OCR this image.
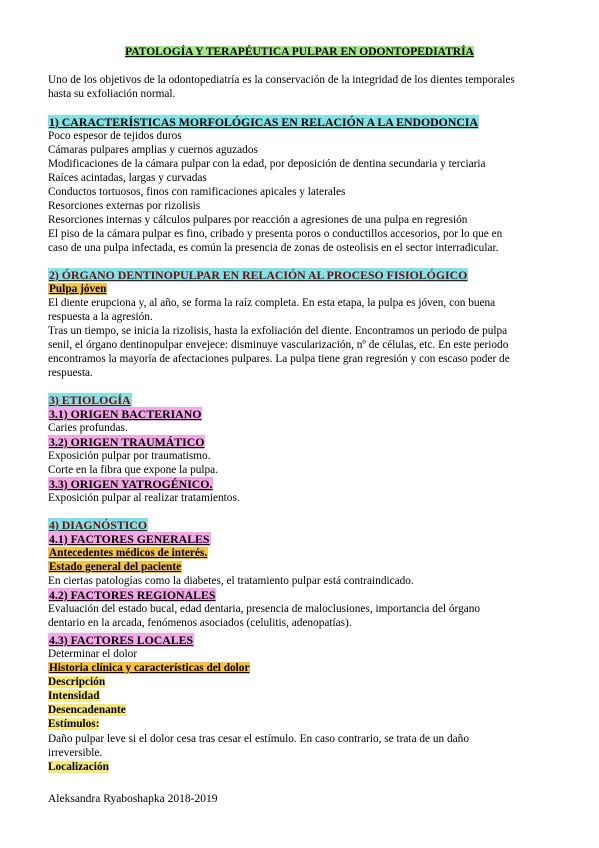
PATOLOGÍA Y TERAPÉUTICA PULPAR EN ODONTOPEDIATRÍA
Uno de los objetivos de la odontopediatría es la conservación de la integridad de los dientes temporales
hasta su exfoliación normal.
1) CARACTERÍSTICAS MORFOLÓGICAS EN RELACIÓN A LA ENDODONCIA
Poco espesor de tejidos duros
Cámaras pulpares amplias y cuernos aguzados
Modificaciones de la cámara pulpar con la edad, por deposición de dentina secundaria y terciaria
Raíces acintadas, largas y curvadas
Conductos tortuosos, finos con ramificaciones apicales y laterales
Resorciones externas por rizolisis
Resorciones internas y cálculos pulpares por reacción a agresiones de una pulpa en regresión
El piso de la cámara pulpar es fino, cribado y presenta poros o conductillos accesorios, por lo que en
caso de una pulpa infectada, es común la presencia de zonas de osteolisis en el sector interradicular.
2) ÓRGANO DENTINOPULPAR EN RELACIÓN AL PROCESO FISIOLÓGICO
Pulpa jóven
El diente erupciona y, al año, se forma la raíz completa. En esta etapa, la pulpa es jóven, con buena
respuesta a la agresión.
Tras un tiempo, se inicia la rizolisis, hasta la exfoliación del diente. Encontramos un periodo de pulpa
senil, el órgano dentinopulpar envejece: disminuye vascularización, nº de células, etc. En este periodo
encontramos la mayoría de afectaciones pulpares. La pulpa tiene gran regresión y con escaso poder de
respuesta.
3) ETIOLOGÍA
3.1) ORIGEN BACTERIANO
Caries profundas.
3.2) ORIGEN TRAUMÁTICO
Exposición pulpar por traumatismo.
Corte en la fibra que expone la pulpa.
3.3) ORIGEN YATROGÉNICO.
Exposición pulpar al realizar tratamientos.
4) DIAGNÓSTICO
4.1) FACTORES GENERALES
Antecedentes médicos de interés.
Estado general del paciente
En ciertas patologías como la diabetes, el tratamiento pulpar está contraindicado.
4.2) FACTORES REGIONALES
Evaluación del estado bucal, edad dentaria, presencia de maloclusiones, importancia del órgano
dentario en la arcada, fenómenos asociados (celulitis, adenopatías).
4.3) FACTORES LOCALES
Determinar el dolor
Historia clínica y características del dolor
Descripción
Intensidad
Desencadenante
Estímulos:
Daño pulpar leve si el dolor cesa tras cesar el estímulo. En caso contrario, se trata de un daño
irreversible.
Localización
Aleksandra Ryaboshapka 2018-2019
